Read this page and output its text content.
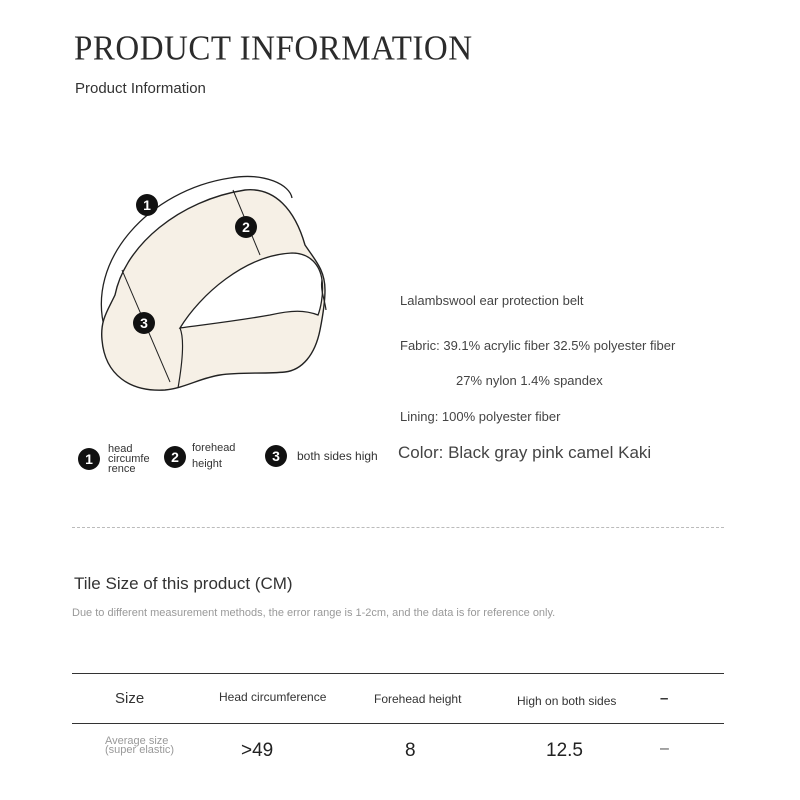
PRODUCT INFORMATION
Product Information
1
2
3
1
head
circumfe
rence
2
forehead
height	3	both sides high
Lalambswool ear protection belt
Fabric: 39.1% acrylic fiber 32.5% polyester fiber
27% nylon 1.4% spandex
Lining: 100% polyester fiber
Color: Black gray pink camel Kaki
Tile Size of this product (CM)
Due to different measurement methods, the error range is 1-2cm, and the data is for reference only.
Size	Head circumference	Forehead height	High on both sides	–
Average size
(super elastic)	>49	8	12.5	–
